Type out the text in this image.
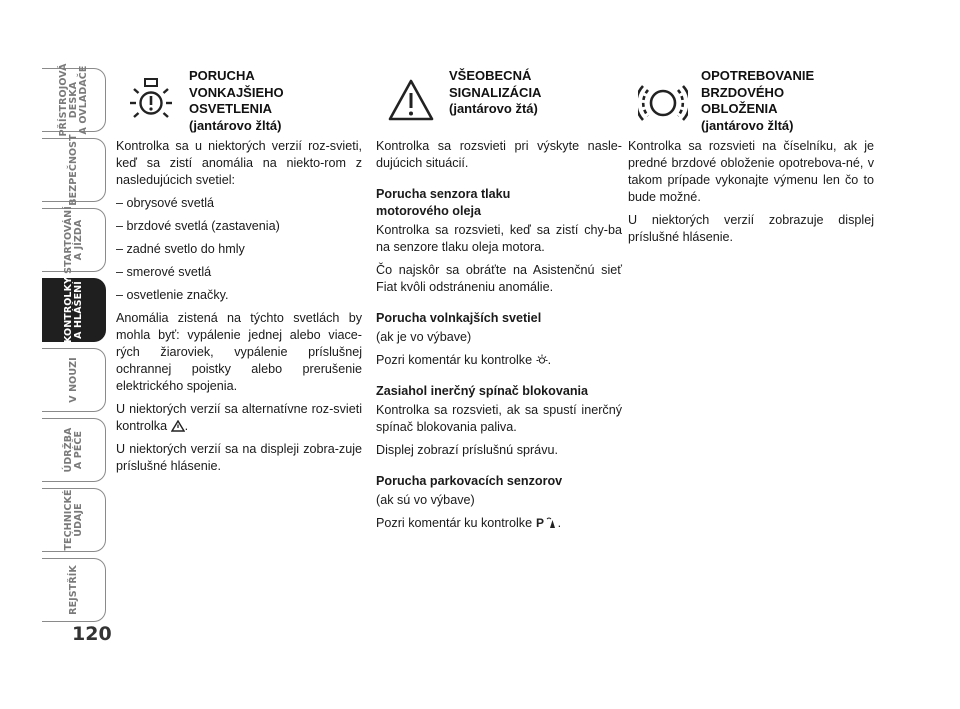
PŘÍSTROJOVÁ
DESKA
A OVLADAČE
BEZPEČNOST
STARTOVÁNÍ
A JÍZDA
KONTROLKY
A HLÁŠENÍ
V NOUZI
ÚDRŽBA
A PÉČE
TECHNICKÉ
ÚDAJE
REJSTŘÍK
120
PORUCHA
VONKAJŠIEHO
OSVETLENIA
(jantárovo žltá)

Kontrolka sa u niektorých verzií roz-svieti, keď sa zistí anomália na niekto-rom z nasledujúcich svetiel:

– obrysové svetlá

– brzdové svetlá (zastavenia)

– zadné svetlo do hmly

– smerové svetlá

– osvetlenie značky.

Anomália zistená na týchto svetlách by mohla byť: vypálenie jednej alebo viace-rých žiaroviek, vypálenie príslušnej ochrannej poistky alebo prerušenie elektrického spojenia.

U niektorých verzií sa alternatívne roz-svieti kontrolka .

U niektorých verzií sa na displeji zobra-zuje príslušné hlásenie.

VŠEOBECNÁ
SIGNALIZÁCIA
(jantárovo žtá)

Kontrolka sa rozsvieti pri výskyte nasle-dujúcich situácií.

Porucha senzora tlaku
motorového oleja

Kontrolka sa rozsvieti, keď sa zistí chy-ba na senzore tlaku oleja motora.

Čo najskôr sa obráťte na Asistenčnú sieť Fiat kvôli odstráneniu anomálie.

Porucha volnkajších svetiel

(ak je vo výbave)

Pozri komentár ku kontrolke .

Zasiahol inerčný spínač blokovania

Kontrolka sa rozsvieti, ak sa spustí inerčný spínač blokovania paliva.

Displej zobrazí príslušnú správu.

Porucha parkovacích senzorov

(ak sú vo výbave)

Pozri komentár ku kontrolke P .

OPOTREBOVANIE
BRZDOVÉHO
OBLOŽENIA
(jantárovo žltá)

Kontrolka sa rozsvieti na číselníku, ak je predné brzdové obloženie opotrebova-né, v takom prípade vykonajte výmenu len čo to bude možné.

U niektorých verzií zobrazuje displej príslušné hlásenie.
